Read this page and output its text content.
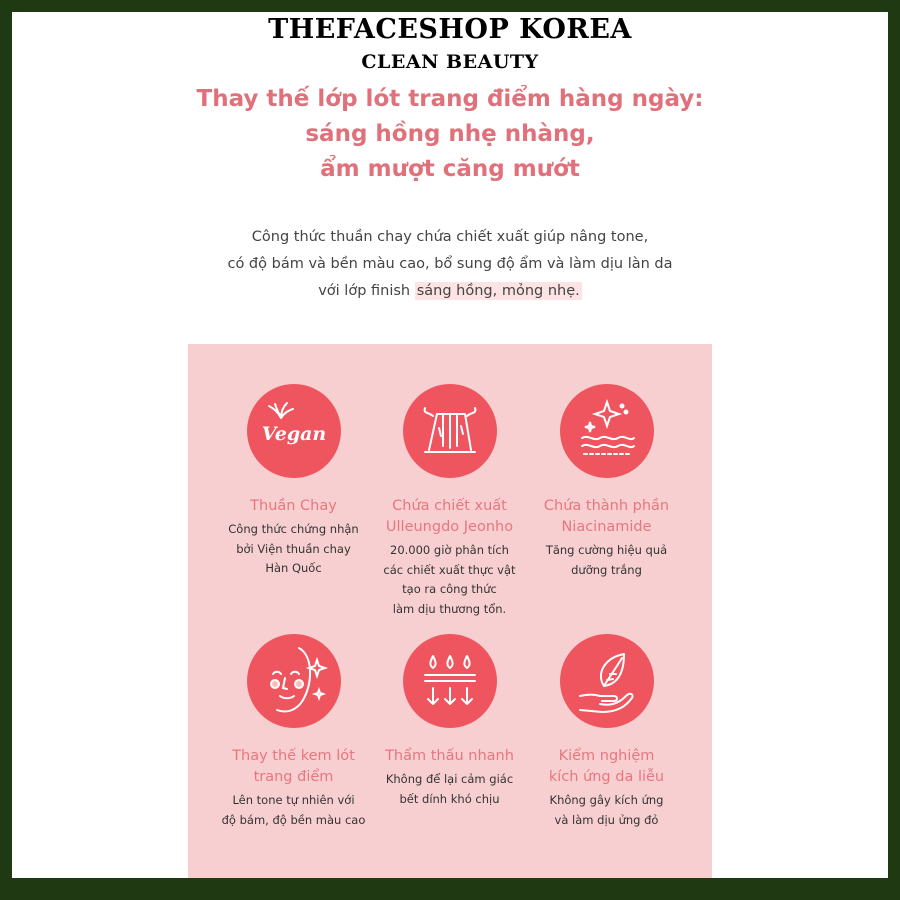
THEFACESHOP KOREA
CLEAN BEAUTY
Thay thế lớp lót trang điểm hàng ngày:
sáng hồng nhẹ nhàng,
ẩm mượt căng mướt
Công thức thuần chay chứa chiết xuất giúp nâng tone,
có độ bám và bền màu cao, bổ sung độ ẩm và làm dịu làn da
với lớp finish sáng hồng, mỏng nhẹ.
Vegan
Thuần Chay
Công thức chứng nhận
bởi Viện thuần chay
Hàn Quốc
Chứa chiết xuất
Ulleungdo Jeonho
20.000 giờ phân tích
các chiết xuất thực vật
tạo ra công thức
làm dịu thương tổn.
Chứa thành phần
Niacinamide
Tăng cường hiệu quả
dưỡng trắng
Thay thế kem lót
trang điểm
Lên tone tự nhiên với
độ bám, độ bền màu cao
Thẩm thấu nhanh
Không để lại cảm giác
bết dính khó chịu
Kiểm nghiệm
kích ứng da liễu
Không gây kích ứng
và làm dịu ửng đỏ
